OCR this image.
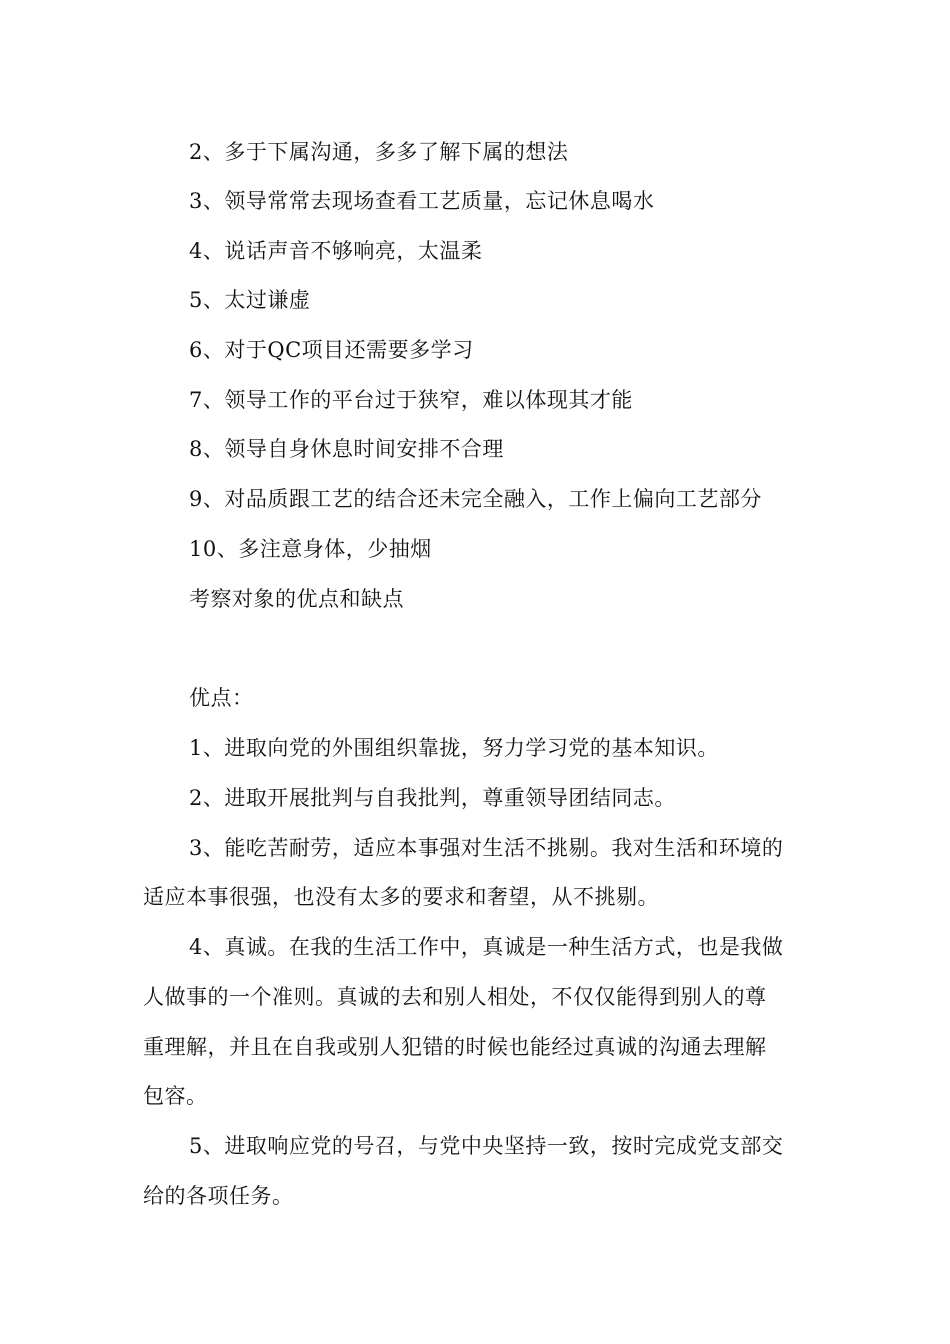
2、多于下属沟通，多多了解下属的想法
3、领导常常去现场查看工艺质量，忘记休息喝水
4、说话声音不够响亮，太温柔
5、太过谦虚
6、对于QC项目还需要多学习
7、领导工作的平台过于狭窄，难以体现其才能
8、领导自身休息时间安排不合理
9、对品质跟工艺的结合还未完全融入，工作上偏向工艺部分
10、多注意身体，少抽烟
考察对象的优点和缺点
优点：
1、进取向党的外围组织靠拢，努力学习党的基本知识。
2、进取开展批判与自我批判，尊重领导团结同志。
3、能吃苦耐劳，适应本事强对生活不挑剔。我对生活和环境的
适应本事很强，也没有太多的要求和奢望，从不挑剔。
4、真诚。在我的生活工作中，真诚是一种生活方式，也是我做
人做事的一个准则。真诚的去和别人相处，不仅仅能得到别人的尊
重理解，并且在自我或别人犯错的时候也能经过真诚的沟通去理解
包容。
5、进取响应党的号召，与党中央坚持一致，按时完成党支部交
给的各项任务。
